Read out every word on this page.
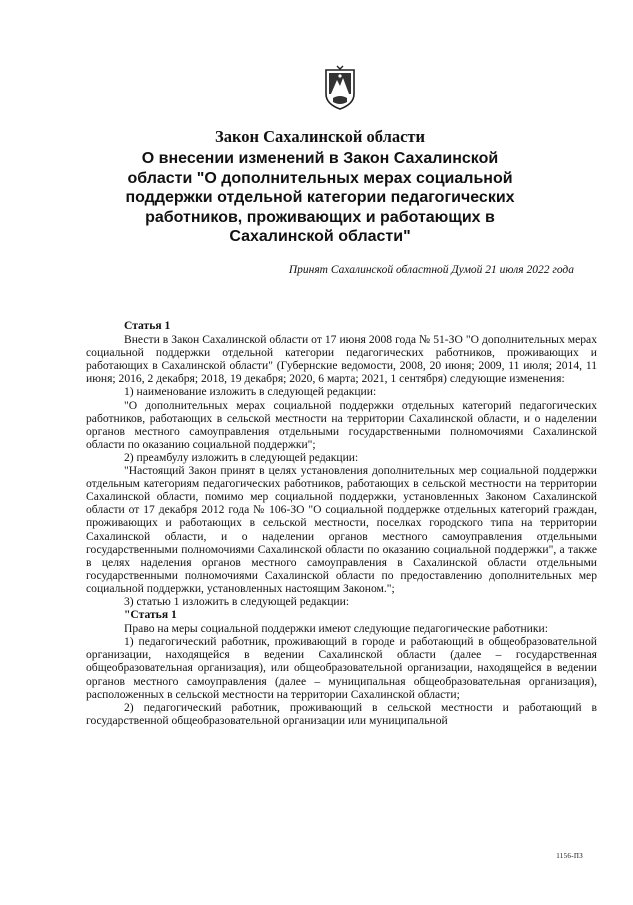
Закон Сахалинской области

О внесении изменений в Закон Сахалинской
области "О дополнительных мерах социальной
поддержки отдельной категории педагогических
работников, проживающих и работающих в
Сахалинской области"

Принят Сахалинской областной Думой 21 июля 2022 года

Статья 1

Внести в Закон Сахалинской области от 17 июня 2008 года № 51-ЗО "О дополнительных мерах социальной поддержки отдельной категории педагогических работников, проживающих и работающих в Сахалинской области" (Губернские ведомости, 2008, 20 июня; 2009, 11 июля; 2014, 11 июня; 2016, 2 декабря; 2018, 19 декабря; 2020, 6 марта; 2021, 1 сентября) следующие изменения:

1) наименование изложить в следующей редакции:

"О дополнительных мерах социальной поддержки отдельных категорий педагогических работников, работающих в сельской местности на территории Сахалинской области, и о наделении органов местного самоуправления отдельными государственными полномочиями Сахалинской области по оказанию социальной поддержки";

2) преамбулу изложить в следующей редакции:

"Настоящий Закон принят в целях установления дополнительных мер социальной поддержки отдельным категориям педагогических работников, работающих в сельской местности на территории Сахалинской области, помимо мер социальной поддержки, установленных Законом Сахалинской области от 17 декабря 2012 года № 106-ЗО "О социальной поддержке отдельных категорий граждан, проживающих и работающих в сельской местности, поселках городского типа на территории Сахалинской области, и о наделении органов местного самоуправления отдельными государственными полномочиями Сахалинской области по оказанию социальной поддержки", а также в целях наделения органов местного самоуправления в Сахалинской области отдельными государственными полномочиями Сахалинской области по предоставлению дополнительных мер социальной поддержки, установленных настоящим Законом.";

3) статью 1 изложить в следующей редакции:

"Статья 1

Право на меры социальной поддержки имеют следующие педагогические работники:

1) педагогический работник, проживающий в городе и работающий в общеобразовательной организации, находящейся в ведении Сахалинской области (далее – государственная общеобразовательная организация), или общеобразовательной организации, находящейся в ведении органов местного самоуправления (далее – муниципальная общеобразовательная организация), расположенных в сельской местности на территории Сахалинской области;

2) педагогический работник, проживающий в сельской местности и работающий в государственной общеобразовательной организации или муниципальной

1156-ПЗ
